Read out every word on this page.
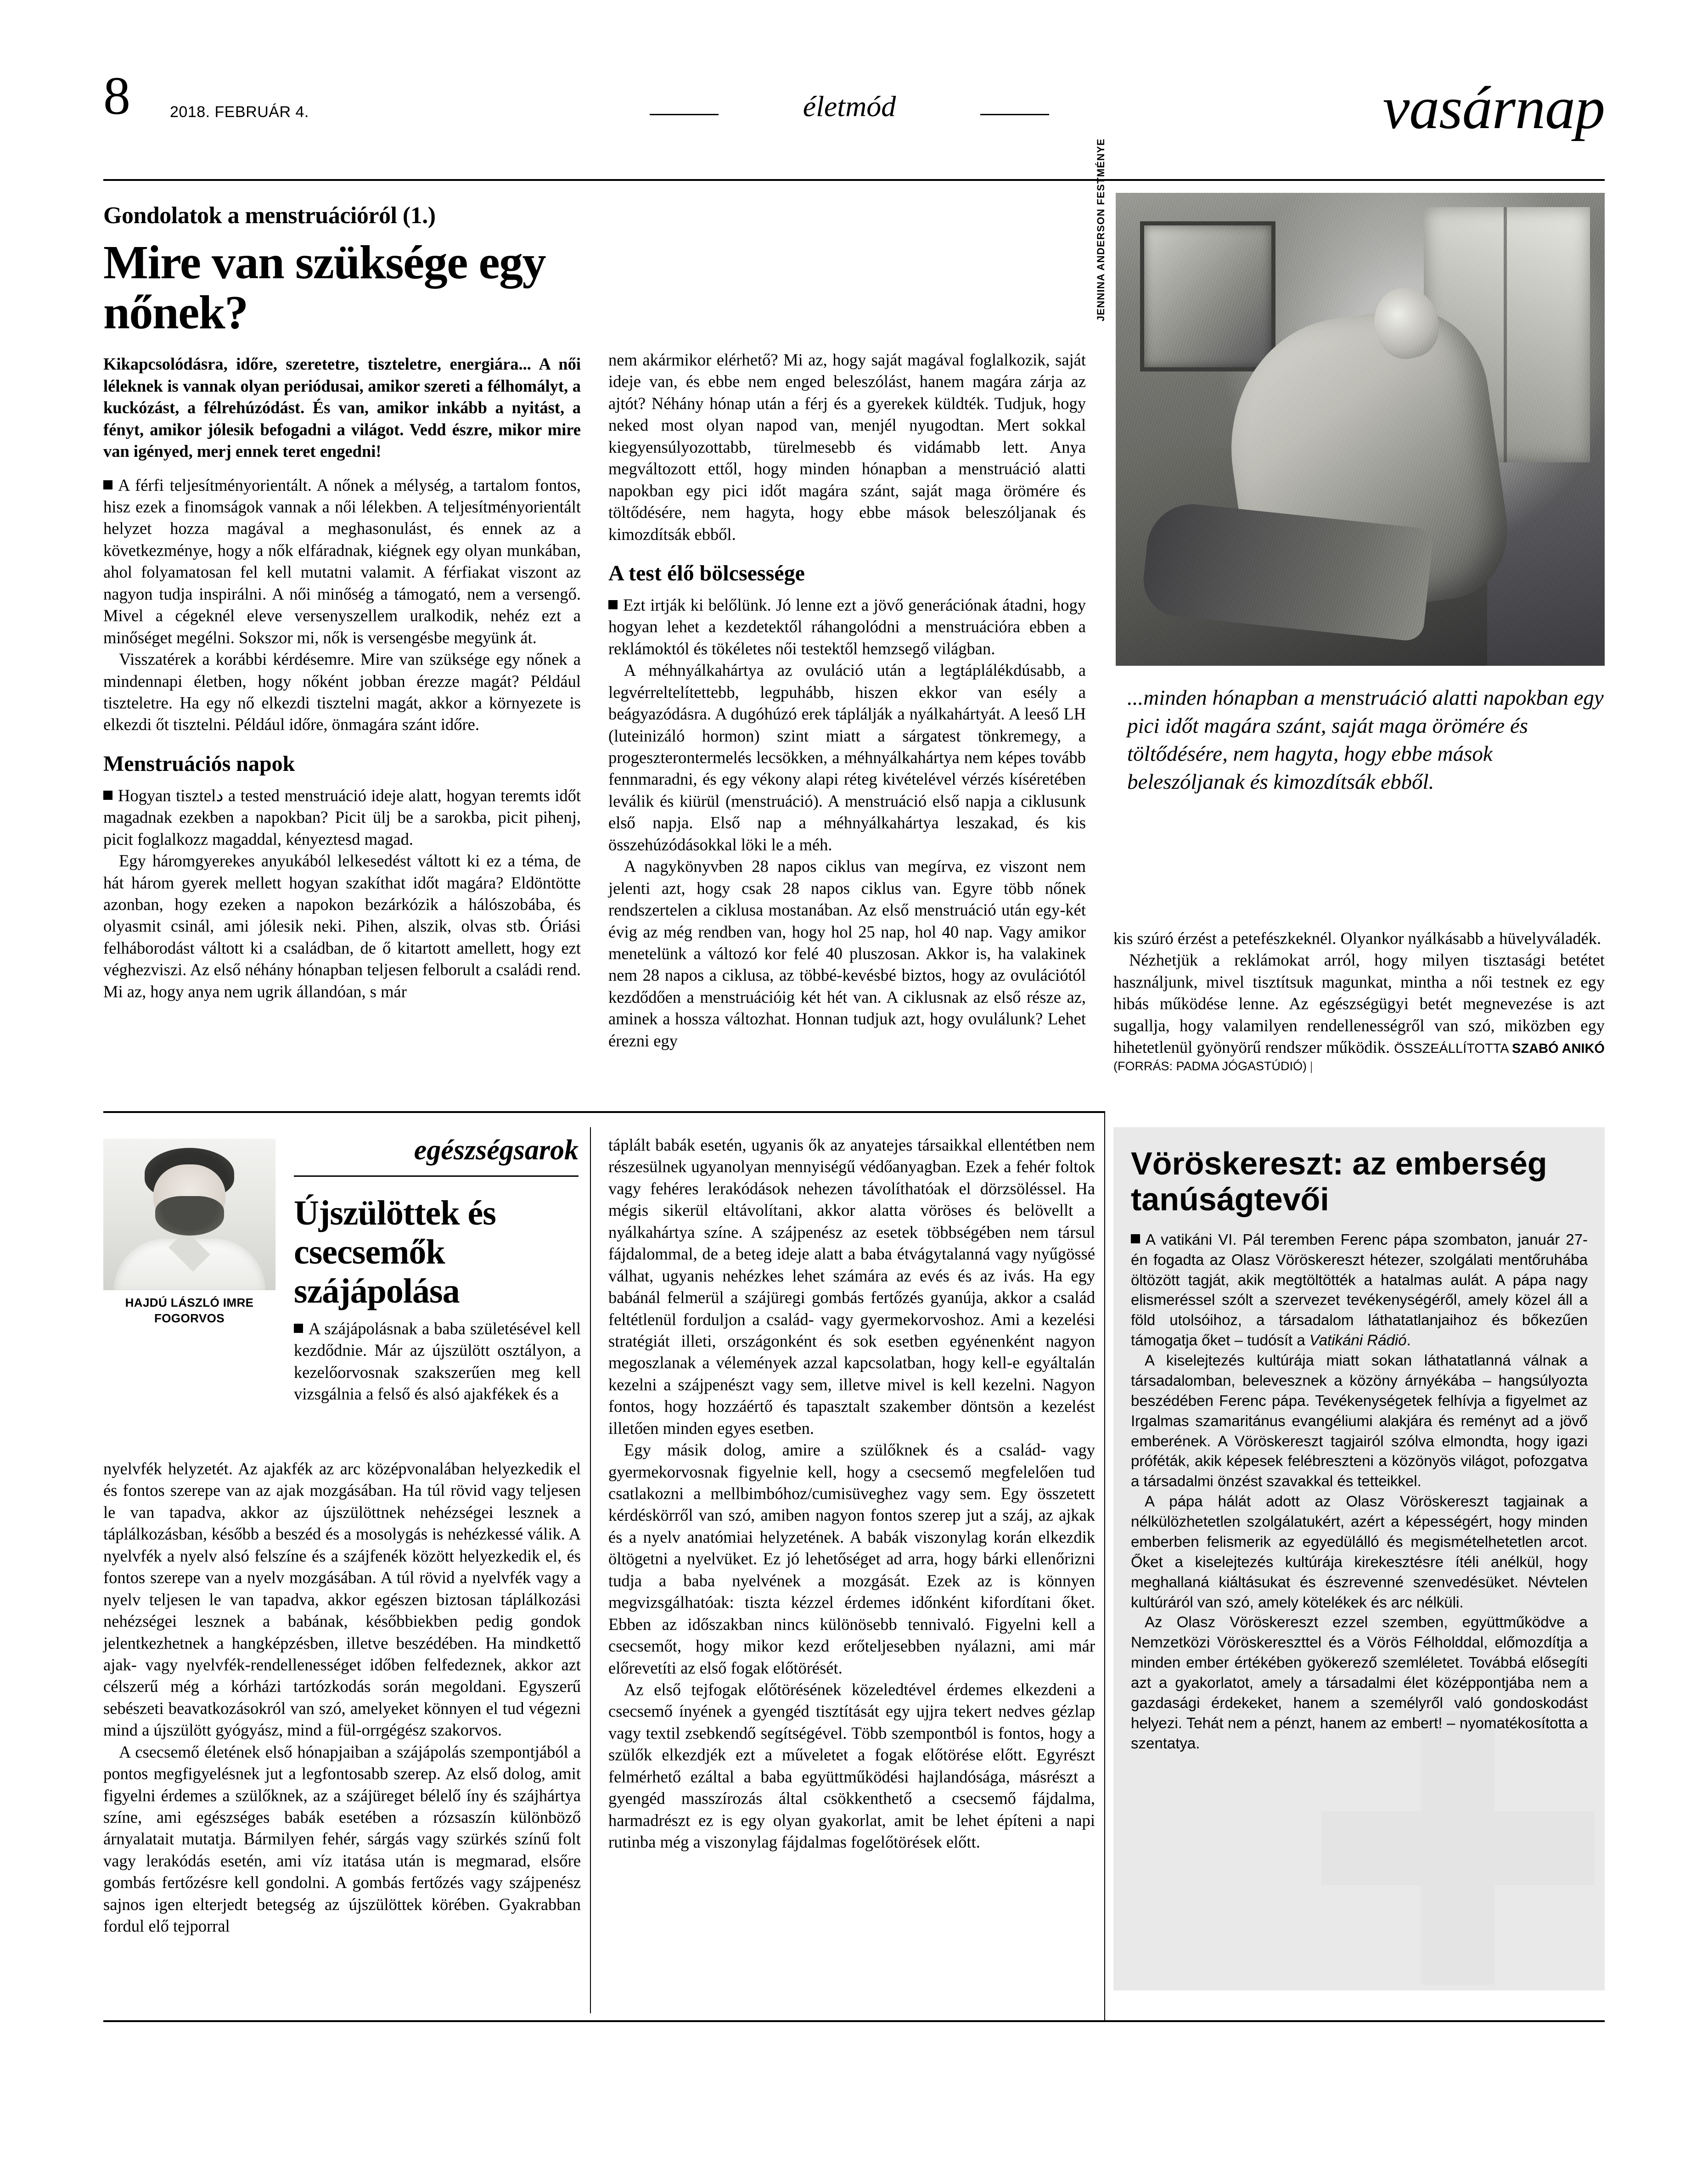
8	2018. FEBRUÁR 4.	életmód	vasárnap
Gondolatok a menstruációról (1.)
Mire van szüksége egy nőnek?
Kikapcsolódásra, időre, szeretetre, tiszteletre, energiára... A női léleknek is vannak olyan periódusai, amikor szereti a félhomályt, a kuckózást, a félrehúzódást. És van, amikor inkább a nyitást, a fényt, amikor jólesik befogadni a világot. Vedd észre, mikor mire van igényed, merj ennek teret engedni!

A férfi teljesítményorientált. A nőnek a mélység, a tartalom fontos, hisz ezek a finomságok vannak a női lélekben. A teljesítményorientált helyzet hozza magával a meghasonulást, és ennek az a következménye, hogy a nők elfáradnak, kiégnek egy olyan munkában, ahol folyamatosan fel kell mutatni valamit. A férfiakat viszont az nagyon tudja inspirálni. A női minőség a támogató, nem a versengő. Mivel a cégeknél eleve versenyszellem uralkodik, nehéz ezt a minőséget megélni. Sokszor mi, nők is versengésbe megyünk át.

Visszatérek a korábbi kérdésemre. Mire van szüksége egy nőnek a mindennapi életben, hogy nőként jobban érezze magát? Például tiszteletre. Ha egy nő elkezdi tisztelni magát, akkor a környezete is elkezdi őt tisztelni. Például időre, önmagára szánt időre.

Menstruációs napok

Hogyan tisztelد a tested menstruáció ideje alatt, hogyan teremts időt magadnak ezekben a napokban? Picit ülj be a sarokba, picit pihenj, picit foglalkozz magaddal, kényeztesd magad.

Egy háromgyerekes anyukából lelkesedést váltott ki ez a téma, de hát három gyerek mellett hogyan szakíthat időt magára? Eldöntötte azonban, hogy ezeken a napokon bezárkózik a hálószobába, és olyasmit csinál, ami jólesik neki. Pihen, alszik, olvas stb. Óriási felháborodást váltott ki a családban, de ő kitartott amellett, hogy ezt véghezviszi. Az első néhány hónapban teljesen felborult a családi rend. Mi az, hogy anya nem ugrik állandóan, s már

nem akármikor elérhető? Mi az, hogy saját magával foglalkozik, saját ideje van, és ebbe nem enged beleszólást, hanem magára zárja az ajtót? Néhány hónap után a férj és a gyerekek küldték. Tudjuk, hogy neked most olyan napod van, menjél nyugodtan. Mert sokkal kiegyensúlyozottabb, türelmesebb és vidámabb lett. Anya megváltozott ettől, hogy minden hónapban a menstruáció alatti napokban egy pici időt magára szánt, saját maga örömére és töltődésére, nem hagyta, hogy ebbe mások beleszóljanak és kimozdítsák ebből.

A test élő bölcsessége

Ezt irtják ki belőlünk. Jó lenne ezt a jövő generációnak átadni, hogy hogyan lehet a kezdetektől ráhangolódni a menstruációra ebben a reklámoktól és tökéletes női testektől hemzsegő világban.

A méhnyálkahártya az ovuláció után a legtáplálékdúsabb, a legvérreltelítettebb, legpuhább, hiszen ekkor van esély a beágyazódásra. A dugóhúzó erek táplálják a nyálkahártyát. A leeső LH (luteinizáló hormon) szint miatt a sárgatest tönkremegy, a progeszterontermelés lecsökken, a méhnyálkahártya nem képes tovább fennmaradni, és egy vékony alapi réteg kivételével vérzés kíséretében leválik és kiürül (menstruáció). A menstruáció első napja a ciklusunk első napja. Első nap a méhnyálkahártya leszakad, és kis összehúzódásokkal löki le a méh.

A nagykönyvben 28 napos ciklus van megírva, ez viszont nem jelenti azt, hogy csak 28 napos ciklus van. Egyre több nőnek rendszertelen a ciklusa mostanában. Az első menstruáció után egy-két évig az még rendben van, hogy hol 25 nap, hol 40 nap. Vagy amikor menetelünk a változó kor felé 40 pluszosan. Akkor is, ha valakinek nem 28 napos a ciklusa, az többé-kevésbé biztos, hogy az ovulációtól kezdődően a menstruációig két hét van. A ciklusnak az első része az, aminek a hossza változhat. Honnan tudjuk azt, hogy ovulálunk? Lehet érezni egy

kis szúró érzést a petefészkeknél. Olyankor nyálkásabb a hüvelyváladék.

Nézhetjük a reklámokat arról, hogy milyen tisztasági betétet használjunk, mivel tisztítsuk magunkat, mintha a női testnek ez egy hibás működése lenne. Az egészségügyi betét megnevezése is azt sugallja, hogy valamilyen rendellenességről van szó, miközben egy hihetetlenül gyönyörű rendszer működik. ÖSSZEÁLLÍTOTTA SZABÓ ANIKÓ

(FORRÁS: PADMA JÓGASTÚDIÓ) |

JENNINA ANDERSON FESTMÉNYE
...minden hónapban a menstruáció alatti napokban egy pici időt magára szánt, saját maga örömére és töltődésére, nem hagyta, hogy ebbe mások beleszóljanak és kimozdítsák ebből.
HAJDÚ LÁSZLÓ IMRE
FOGORVOS
egészségsarok
Újszülöttek és csecsemők szájápolása

A szájápolásnak a baba születésével kell kezdődnie. Már az újszülött osztályon, a kezelőorvosnak szakszerűen meg kell vizsgálnia a felső és alsó ajakfékek és a

nyelvfék helyzetét. Az ajakfék az arc középvonalában helyezkedik el és fontos szerepe van az ajak mozgásában. Ha túl rövid vagy teljesen le van tapadva, akkor az újszülöttnek nehézségei lesznek a táplálkozásban, később a beszéd és a mosolygás is nehézkessé válik. A nyelvfék a nyelv alsó felszíne és a szájfenék között helyezkedik el, és fontos szerepe van a nyelv mozgásában. A túl rövid a nyelvfék vagy a nyelv teljesen le van tapadva, akkor egészen biztosan táplálkozási nehézségei lesznek a babának, későbbiekben pedig gondok jelentkezhetnek a hangképzésben, illetve beszédében. Ha mindkettő ajak- vagy nyelvfék-rendellenességet időben felfedeznek, akkor azt célszerű még a kórházi tartózkodás során megoldani. Egyszerű sebészeti beavatkozásokról van szó, amelyeket könnyen el tud végezni mind a újszülött gyógyász, mind a fül-orrgégész szakorvos.

A csecsemő életének első hónapjaiban a szájápolás szempontjából a pontos megfigyelésnek jut a legfontosabb szerep. Az első dolog, amit figyelni érdemes a szülőknek, az a szájüreget bélelő íny és szájhártya színe, ami egészséges babák esetében a rózsaszín különböző árnyalatait mutatja. Bármilyen fehér, sárgás vagy szürkés színű folt vagy lerakódás esetén, ami víz itatása után is megmarad, elsőre gombás fertőzésre kell gondolni. A gombás fertőzés vagy szájpenész sajnos igen elterjedt betegség az újszülöttek körében. Gyakrabban fordul elő tejporral

táplált babák esetén, ugyanis ők az anyatejes társaikkal ellentétben nem részesülnek ugyanolyan mennyiségű védőanyagban. Ezek a fehér foltok vagy fehéres lerakódások nehezen távolíthatóak el dörzsöléssel. Ha mégis sikerül eltávolítani, akkor alatta vöröses és belövellt a nyálkahártya színe. A szájpenész az esetek többségében nem társul fájdalommal, de a beteg ideje alatt a baba étvágytalanná vagy nyűgössé válhat, ugyanis nehézkes lehet számára az evés és az ivás. Ha egy babánál felmerül a szájüregi gombás fertőzés gyanúja, akkor a család feltétlenül forduljon a család- vagy gyermekorvoshoz. Ami a kezelési stratégiát illeti, országonként és sok esetben egyénenként nagyon megoszlanak a vélemények azzal kapcsolatban, hogy kell-e egyáltalán kezelni a szájpenészt vagy sem, illetve mivel is kell kezelni. Nagyon fontos, hogy hozzáértő és tapasztalt szakember döntsön a kezelést illetően minden egyes esetben.

Egy másik dolog, amire a szülőknek és a család- vagy gyermekorvosnak figyelnie kell, hogy a csecsemő megfelelően tud csatlakozni a mellbimbóhoz/cumisüveghez vagy sem. Egy összetett kérdéskörről van szó, amiben nagyon fontos szerep jut a száj, az ajkak és a nyelv anatómiai helyzetének. A babák viszonylag korán elkezdik öltögetni a nyelvüket. Ez jó lehetőséget ad arra, hogy bárki ellenőrizni tudja a baba nyelvének a mozgását. Ezek az is könnyen megvizsgálhatóak: tiszta kézzel érdemes időnként kifordítani őket. Ebben az időszakban nincs különösebb tennivaló. Figyelni kell a csecsemőt, hogy mikor kezd erőteljesebben nyálazni, ami már előrevetíti az első fogak előtörését.

Az első tejfogak előtörésének közeledtével érdemes elkezdeni a csecsemő ínyének a gyengéd tisztítását egy ujjra tekert nedves gézlap vagy textil zsebkendő segítségével. Több szempontból is fontos, hogy a szülők elkezdjék ezt a műveletet a fogak előtörése előtt. Egyrészt felmérhető ezáltal a baba együttműködési hajlandósága, másrészt a gyengéd masszírozás által csökkenthető a csecsemő fájdalma, harmadrészt ez is egy olyan gyakorlat, amit be lehet építeni a napi rutinba még a viszonylag fájdalmas fogelőtörések előtt.

Vöröskereszt: az emberség tanúságtevői

A vatikáni VI. Pál teremben Ferenc pápa szombaton, január 27-én fogadta az Olasz Vöröskereszt hétezer, szolgálati mentőruhába öltözött tagját, akik megtöltötték a hatalmas aulát. A pápa nagy elismeréssel szólt a szervezet tevékenységéről, amely közel áll a föld utolsóihoz, a társadalom láthatatlanjaihoz és bőkezűen támogatja őket – tudósít a Vatikáni Rádió.

A kiselejtezés kultúrája miatt sokan láthatatlanná válnak a társadalomban, belevesznek a közöny árnyékába – hangsúlyozta beszédében Ferenc pápa. Tevékenységetek felhívja a figyelmet az Irgalmas szamaritánus evangéliumi alakjára és reményt ad a jövő emberének. A Vöröskereszt tagjairól szólva elmondta, hogy igazi próféták, akik képesek felébreszteni a közönyös világot, pofozgatva a társadalmi önzést szavakkal és tetteikkel.

A pápa hálát adott az Olasz Vöröskereszt tagjainak a nélkülözhetetlen szolgálatukért, azért a képességért, hogy minden emberben felismerik az egyedülálló és megismételhetetlen arcot. Őket a kiselejtezés kultúrája kirekesztésre ítéli anélkül, hogy meghallaná kiáltásukat és észrevenné szenvedésüket. Névtelen kultúráról van szó, amely kötelékek és arc nélküli.

Az Olasz Vöröskereszt ezzel szemben, együttműködve a Nemzetközi Vöröskereszttel és a Vörös Félholddal, előmozdítja a minden ember értékében gyökerező szemléletet. Továbbá elősegíti azt a gyakorlatot, amely a társadalmi élet középpontjába nem a gazdasági érdekeket, hanem a személyről való gondoskodást helyezi. Tehát nem a pénzt, hanem az embert! – nyomatékosította a szentatya.
